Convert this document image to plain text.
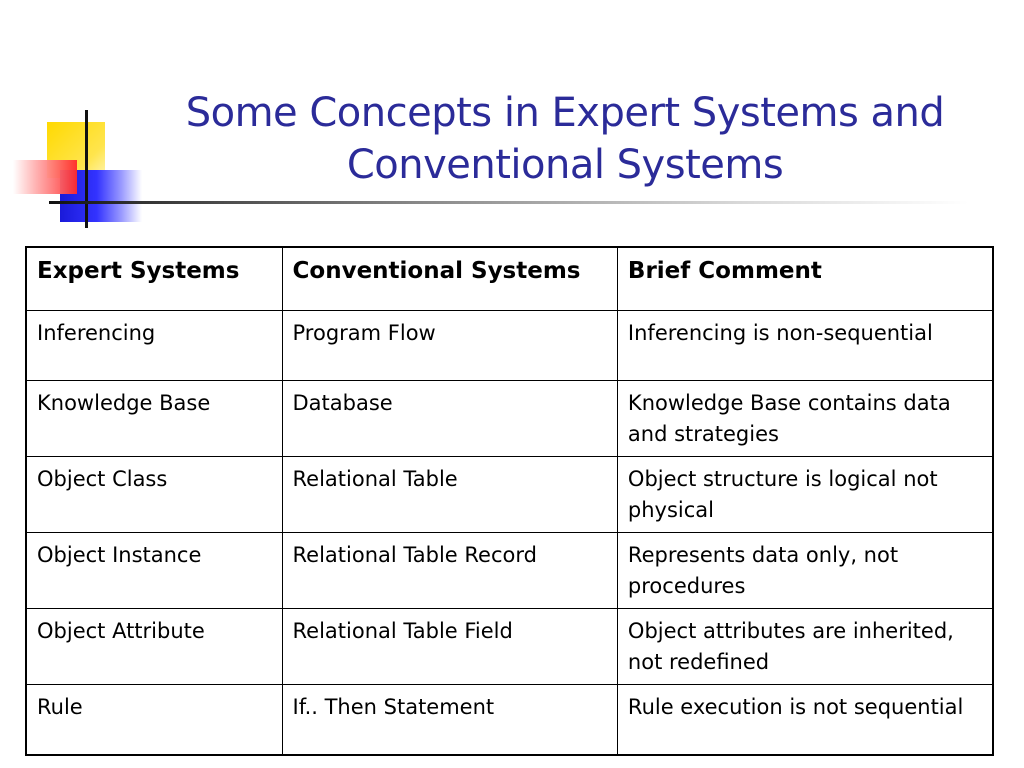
Some Concepts in Expert Systems and
Conventional Systems
Expert Systems	Conventional Systems	Brief Comment
Inferencing	Program Flow	Inferencing is non-sequential
Knowledge Base	Database	Knowledge Base contains data and strategies
Object Class	Relational Table	Object structure is logical not physical
Object Instance	Relational Table Record	Represents data only, not procedures
Object Attribute	Relational Table Field	Object attributes are inherited, not redefined
Rule	If.. Then Statement	Rule execution is not sequential
